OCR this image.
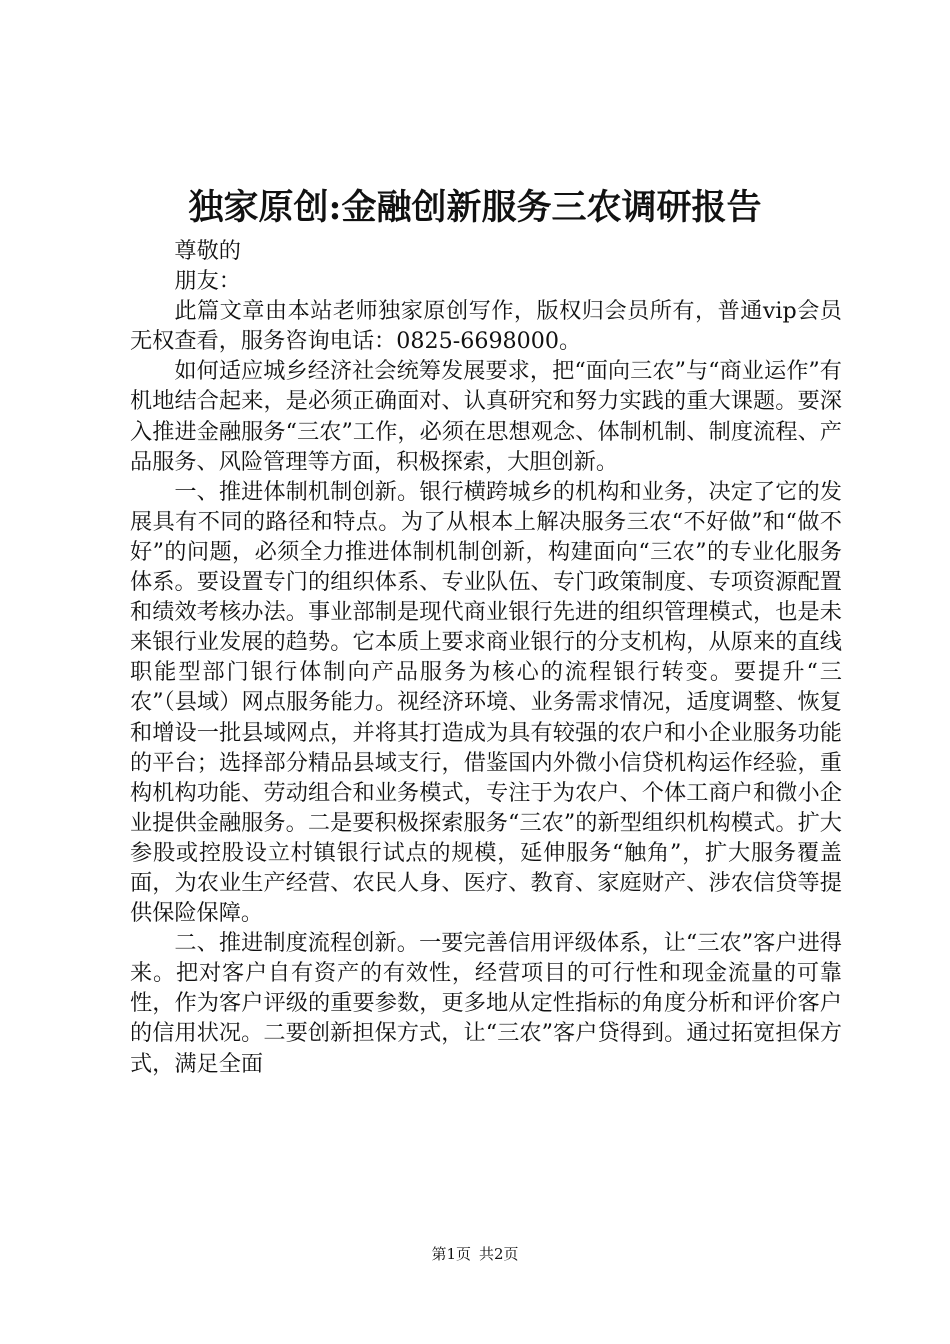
独家原创:金融创新服务三农调研报告

尊敬的

朋友：

此篇文章由本站老师独家原创写作，版权归会员所有，普通vip会员无权查看，服务咨询电话：0825-6698000。

如何适应城乡经济社会统筹发展要求，把“面向三农”与“商业运作”有机地结合起来，是必须正确面对、认真研究和努力实践的重大课题。要深入推进金融服务“三农”工作，必须在思想观念、体制机制、制度流程、产品服务、风险管理等方面，积极探索，大胆创新。

一、推进体制机制创新。银行横跨城乡的机构和业务，决定了它的发展具有不同的路径和特点。为了从根本上解决服务三农“不好做”和“做不好”的问题，必须全力推进体制机制创新，构建面向“三农”的专业化服务体系。要设置专门的组织体系、专业队伍、专门政策制度、专项资源配置和绩效考核办法。事业部制是现代商业银行先进的组织管理模式，也是未来银行业发展的趋势。它本质上要求商业银行的分支机构，从原来的直线职能型部门银行体制向产品服务为核心的流程银行转变。要提升“三农”（县域）网点服务能力。视经济环境、业务需求情况，适度调整、恢复和增设一批县域网点，并将其打造成为具有较强的农户和小企业服务功能的平台；选择部分精品县域支行，借鉴国内外微小信贷机构运作经验，重构机构功能、劳动组合和业务模式，专注于为农户、个体工商户和微小企业提供金融服务。二是要积极探索服务“三农”的新型组织机构模式。扩大参股或控股设立村镇银行试点的规模，延伸服务“触角”，扩大服务覆盖面，为农业生产经营、农民人身、医疗、教育、家庭财产、涉农信贷等提供保险保障。

二、推进制度流程创新。一要完善信用评级体系，让“三农”客户进得来。把对客户自有资产的有效性，经营项目的可行性和现金流量的可靠性，作为客户评级的重要参数，更多地从定性指标的角度分析和评价客户的信用状况。二要创新担保方式，让“三农”客户贷得到。通过拓宽担保方式，满足全面

第1页 共2页
